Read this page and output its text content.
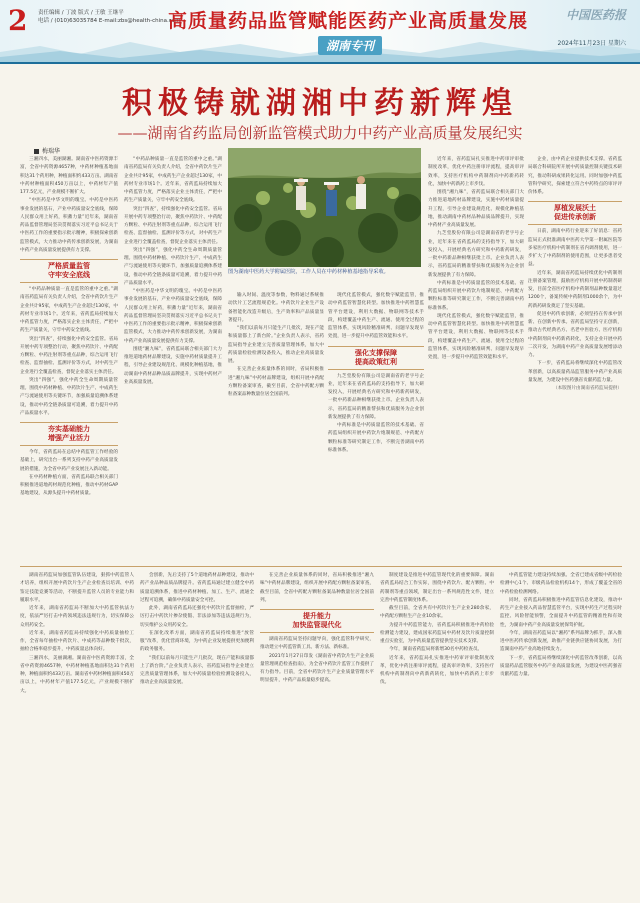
2 责任编辑 / 丁波 版式 / 王敏 王继平
电话 / (010)63035784 E-mail:zbs@health-china.com
高质量药品监管赋能医药产业高质量发展
湖南专刊
中国医药报
2024年11月23日 星期六
积极铸就湖湘中药新辉煌
——湖南省药监局创新监管模式助力中药产业高质量发展纪实
梅瑞华

三湘四水，美丽湖湘。湖南省中医药资源丰富，全省中药资源4657种，中药材种植基地面积达31个药用种，种植面积约433万亩。湖南省中药材种植面积450万亩以上，中药材年产值177.5亿元，产业规模不断扩大。

“中医药是中华文明的瑰宝。中药是中医药事业发展的基石，产业中药质量安全底线，保障人民群众用上好药，积蓄力量”近年来，湖南省药品监督管理局坚决贯彻落实习近平总书记关于中医药工作的重要指示批示精神，积极探索创新监管模式，大力推动中药传承创新发展，为湖南中药产业高质量发展提供有力支撑。

严格质量监管
守牢安全底线

“中药品种质量一直是监管的重中之重。”湖南省药监局有关负责人介绍，全省中药饮片生产企业共计95家，中成药生产企业超过130家，中药材专业市场1个。近年来，省药监局持续加大中药监管力度，严格落实企业主体责任，严把中药生产质量关，守牢中药安全底线。

突出“四查”，持续强化中药安全监管。省局开展中药专项整治行动，聚焦中药饮片、中药配方颗粒、中药注射剂等重点品种，综合运用飞行检查、监督抽检、监测评价等方式，对中药生产企业进行全覆盖检查，督促企业落实主体责任。

突出“四强”，强化中药全生命周期质量管理。围绕中药材种植、中药饮片生产、中成药生产与流通使用等关键环节，加强质量追溯体系建设，推动中药全链条质量可追溯，着力提升中药产品质量水平。

夯实基础能力
增强产业活力

今年，省药监局在总结中药监管工作经验的基础上，研究出台一系列支持中药产业高质量发展的措施，为全省中药产业发展注入新动能。

在中药材种植方面，省药监局联合相关部门积极推进道地药材规范化种植，推动中药材GAP基地建设，从源头提升中药材质量。

“中药品种质量一直是监管的重中之重。”湖南省药监局有关负责人介绍，全省中药饮片生产企业共计95家，中成药生产企业超过130家，中药材专业市场1个。近年来，省药监局持续加大中药监管力度，严格落实企业主体责任，严把中药生产质量关，守牢中药安全底线。

突出“四查”，持续强化中药安全监管。省局开展中药专项整治行动，聚焦中药饮片、中药配方颗粒、中药注射剂等重点品种，综合运用飞行检查、监督抽检、监测评价等方式，对中药生产企业进行全覆盖检查，督促企业落实主体责任。

突出“四强”，强化中药全生命周期质量管理。围绕中药材种植、中药饮片生产、中成药生产与流通使用等关键环节，加强质量追溯体系建设，推动中药全链条质量可追溯，着力提升中药产品质量水平。

“中医药是中华文明的瑰宝。中药是中医药事业发展的基石，产业中药质量安全底线，保障人民群众用上好药，积蓄力量”近年来，湖南省药品监督管理局坚决贯彻落实习近平总书记关于中医药工作的重要指示批示精神，积极探索创新监管模式，大力推动中药传承创新发展，为湖南中药产业高质量发展提供有力支撑。

围绕“湘九味”，省药监局联合相关部门大力推进道地药材品牌建设，实施中药材质量提升工程，引导企业建设规范化、规模化种植基地，推动湖南中药材品种品质品牌提升，实现中药材产业高质量发展。

图为湖南中医药大学附属医院，工作人员在中药材种植基地指导采收。

输入时间、温度等参数，物料通过系统推动饮片工艺流程规范化。中药饮片企业生产设备智能化改造升级后，生产效率和产品质量显著提升。

“我们以前每月只能生产几批次，现在产能和质量都上了新台阶。”企业负责人表示，省药监局指导企业建立完善质量管理体系，加大中药质量检验检测设备投入，推动企业高质量发展。

在完善企业质量体系的同时，省局积极推进“湘九味”中药材品牌建设，组织开展中药配方颗粒备案审查，截至目前，全省中药配方颗粒备案品种数量位居全国前列。

现代化监管模式，强化数字赋能监管，推动中药监管智慧化转型。加快推进中药智慧监管平台建设，利用大数据、物联网等技术手段，构建覆盖中药生产、流通、使用全过程的监管体系，实现风险精准研判、问题早发现早处置，进一步提升中药监管效能和水平。

强化支撑保障
提高政策红利

九芝堂股份有限公司是湖南省的老字号企业，近年来在省药监局的支持指导下，加大研发投入，开展经典名方研究和中药新药研发，一批中药新品种相继获批上市。企业负责人表示，省药监局的精准帮扶和优质服务为企业创新发展提供了有力保障。

中药标准是中药质量监管的技术基础。省药监局组织开展中药饮片炮制规范、中药配方颗粒标准等研究制定工作，不断完善湖南中药标准体系。

近年来，省药监局扎实推进中药审评审批制度改革，优化中药注册审评流程，提高审评效率，支持医疗机构中药制剂向中药新药转化，加快中药新药上市步伐。

围绕“湘九味”，省药监局联合相关部门大力推进道地药材品牌建设，实施中药材质量提升工程，引导企业建设规范化、规模化种植基地，推动湖南中药材品种品质品牌提升，实现中药材产业高质量发展。

九芝堂股份有限公司是湖南省的老字号企业，近年来在省药监局的支持指导下，加大研发投入，开展经典名方研究和中药新药研发，一批中药新品种相继获批上市。企业负责人表示，省药监局的精准帮扶和优质服务为企业创新发展提供了有力保障。

中药标准是中药质量监管的技术基础。省药监局组织开展中药饮片炮制规范、中药配方颗粒标准等研究制定工作，不断完善湖南中药标准体系。

现代化监管模式，强化数字赋能监管，推动中药监管智慧化转型。加快推进中药智慧监管平台建设，利用大数据、物联网等技术手段，构建覆盖中药生产、流通、使用全过程的监管体系，实现风险精准研判、问题早发现早处置，进一步提升中药监管效能和水平。

企业，由中药企业提供技术支撑。省药监局联合科研院所开展中药质量控制关键技术研究，推动科研成果转化运用。同时加强中药监管科学研究，探索建立符合中药特点的审评评价体系。

厚植发展沃土
促进传承创新

日前，湖南中药行业迎来了好消息：省药监局正式批准湖南中医药大学第一附属医院等多家医疗机构中药制剂在省内调剂使用，进一步扩大了中药制剂的使用范围，让更多患者受益。

近年来，湖南省药监局持续优化中药制剂注册备案管理，鼓励医疗机构开展中药制剂研发，目前全省医疗机构中药制剂品种数量超过1200个，备案传统中药制剂1000余个，为中药新药研发奠定了坚实基础。

促进中药传承创新，必须坚持在传承中创新、在创新中传承。省药监局坚持守正创新，推动古代经典名方、名老中医验方、医疗机构中药制剂向中药新药转化，支持企业开展中药二次开发，为湖南中药产业高质量发展增添动力。

下一步，省药监局将继续深化中药监管改革创新，以高质量药品监管服务中药产业高质量发展，为建设中医药强省贡献药监力量。

（本版图片由湖南省药监局提供）

湖南省药监局加强监管队伍建设，狠抓中药监管人才培养，组织开展中药饮片生产企业检查员培训、中药鉴定技能竞赛等活动，不断提升监管人员的专业能力和履职水平。

近年来，湖南省药监局不断加大中药监管执法力度，依法严厉打击中药领域违法违规行为，切实保障公众用药安全。

近年来，湖南省药监局持续强化中药质量抽检工作，全省每年抽检中药饮片、中成药等品种数千批次，抽检合格率稳步提升，中药质量总体向好。

三湘四水，美丽湖湘。湖南省中医药资源丰富，全省中药资源4657种，中药材种植基地面积达31个药用种，种植面积约433万亩。湖南省中药材种植面积450万亩以上，中药材年产值177.5亿元，产业规模不断扩大。

会创新，先后支持了5个道地药材品种建设，推动中药产业品种品质品牌提升。省药监局通过建立健全中药质量追溯体系，推进中药材种植、加工、生产、流通全过程可追溯，确保中药质量安全可控。

此外，湖南省药监局还强化中药饮片监督抽检，严厉打击中药饮片掺杂使假、非法添加等违法违规行为，切实维护公众用药安全。

在深化改革方面，湖南省药监局持续推进“放管服”改革，优化营商环境，为中药企业发展提供更加便利的政务服务。

“我们以前每月只能生产几批次，现在产能和质量都上了新台阶。”企业负责人表示，省药监局指导企业建立完善质量管理体系，加大中药质量检验检测设备投入，推动企业高质量发展。

在完善企业质量体系的同时，省局积极推进“湘九味”中药材品牌建设，组织开展中药配方颗粒备案审查，截至目前，全省中药配方颗粒备案品种数量位居全国前列。

提升能力
加快监管现代化

湖南省药监局坚持问题导向，强化监管科学研究，推动建立中药监管新工具、新方法、新标准。

2021年1月27日印发《湖南省中药饮片生产企业质量管理规范检查指南》，为全省中药饮片监管工作提供了有力指导。目前，全省中药饮片生产企业质量管理水平明显提升，中药产品质量稳步提高。

制度建设是推进中药监管现代化的重要保障。湖南省药监局结合工作实际，围绕中药饮片、配方颗粒、中药制剂等重点领域，制定出台一系列规范性文件，建立完善中药监管制度体系。

截至目前，全省共有中药饮片生产企业280余家，中药配方颗粒生产企业10余家。

为提升中药监管能力，省药监局积极推进中药检验检测能力建设，建成国家药监局中药材及饮片质量控制重点实验室，为中药质量监管提供坚实技术支撑。

今年，湖南省药监局将新增30名中药检查员。

近年来，省药监局扎实推进中药审评审批制度改革，优化中药注册审评流程，提高审评效率，支持医疗机构中药制剂向中药新药转化，加快中药新药上市步伐。

中药监管能力建设持续加强。全省已建成省级中药检验检测中心1个、市级药品检验机构14个，形成了覆盖全省的中药检验检测网络。

同时，省药监局积极推进中药监管信息化建设，推动中药生产企业接入药品智慧监管平台，实现中药生产过程实时监控、风险智能预警，全面提升中药监管的精准性和有效性，为湖南中药产业高质量发展保驾护航。

今年，湖南省药监局以“湘药”系列品牌为抓手，深入推进中医药传承创新发展，助推产业链供应链协同发展，为打造湖南中药产业高地持续发力。

下一步，省药监局将继续深化中药监管改革创新，以高质量药品监管服务中药产业高质量发展，为建设中医药强省贡献药监力量。
